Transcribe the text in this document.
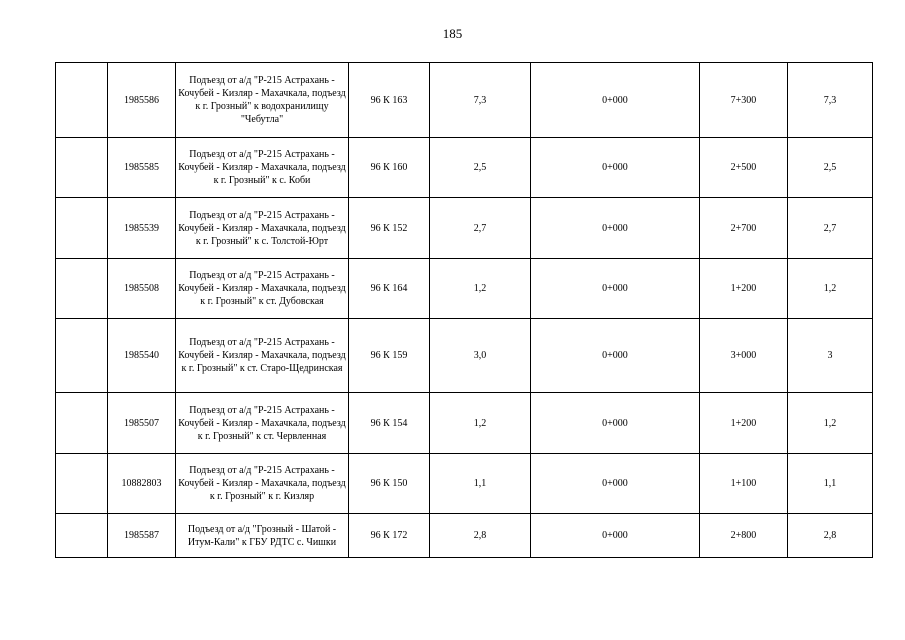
185
	1985586	Подъезд от а/д "Р-215 Астрахань - Кочубей - Кизляр - Махачкала, подъезд к г. Грозный" к водохранилищу "Чебутла"	96 К 163	7,3	0+000	7+300	7,3
	1985585	Подъезд от а/д "Р-215 Астрахань - Кочубей - Кизляр - Махачкала, подъезд к г. Грозный" к с. Коби	96 К 160	2,5	0+000	2+500	2,5
	1985539	Подъезд от а/д "Р-215 Астрахань - Кочубей - Кизляр - Махачкала, подъезд к г. Грозный" к с. Толстой-Юрт	96 К 152	2,7	0+000	2+700	2,7
	1985508	Подъезд от а/д "Р-215 Астрахань - Кочубей - Кизляр - Махачкала, подъезд к г. Грозный" к ст. Дубовская	96 К 164	1,2	0+000	1+200	1,2
	1985540	Подъезд от а/д "Р-215 Астрахань - Кочубей - Кизляр - Махачкала, подъезд к г. Грозный" к ст. Старо-Щедринская	96 К 159	3,0	0+000	3+000	3
	1985507	Подъезд от а/д "Р-215 Астрахань - Кочубей - Кизляр - Махачкала, подъезд к г. Грозный" к ст. Червленная	96 К 154	1,2	0+000	1+200	1,2
	10882803	Подъезд от а/д "Р-215 Астрахань - Кочубей - Кизляр - Махачкала, подъезд к г. Грозный" к г. Кизляр	96 К 150	1,1	0+000	1+100	1,1
	1985587	Подъезд от а/д "Грозный - Шатой - Итум-Кали" к ГБУ РДТС с. Чишки	96 К 172	2,8	0+000	2+800	2,8
